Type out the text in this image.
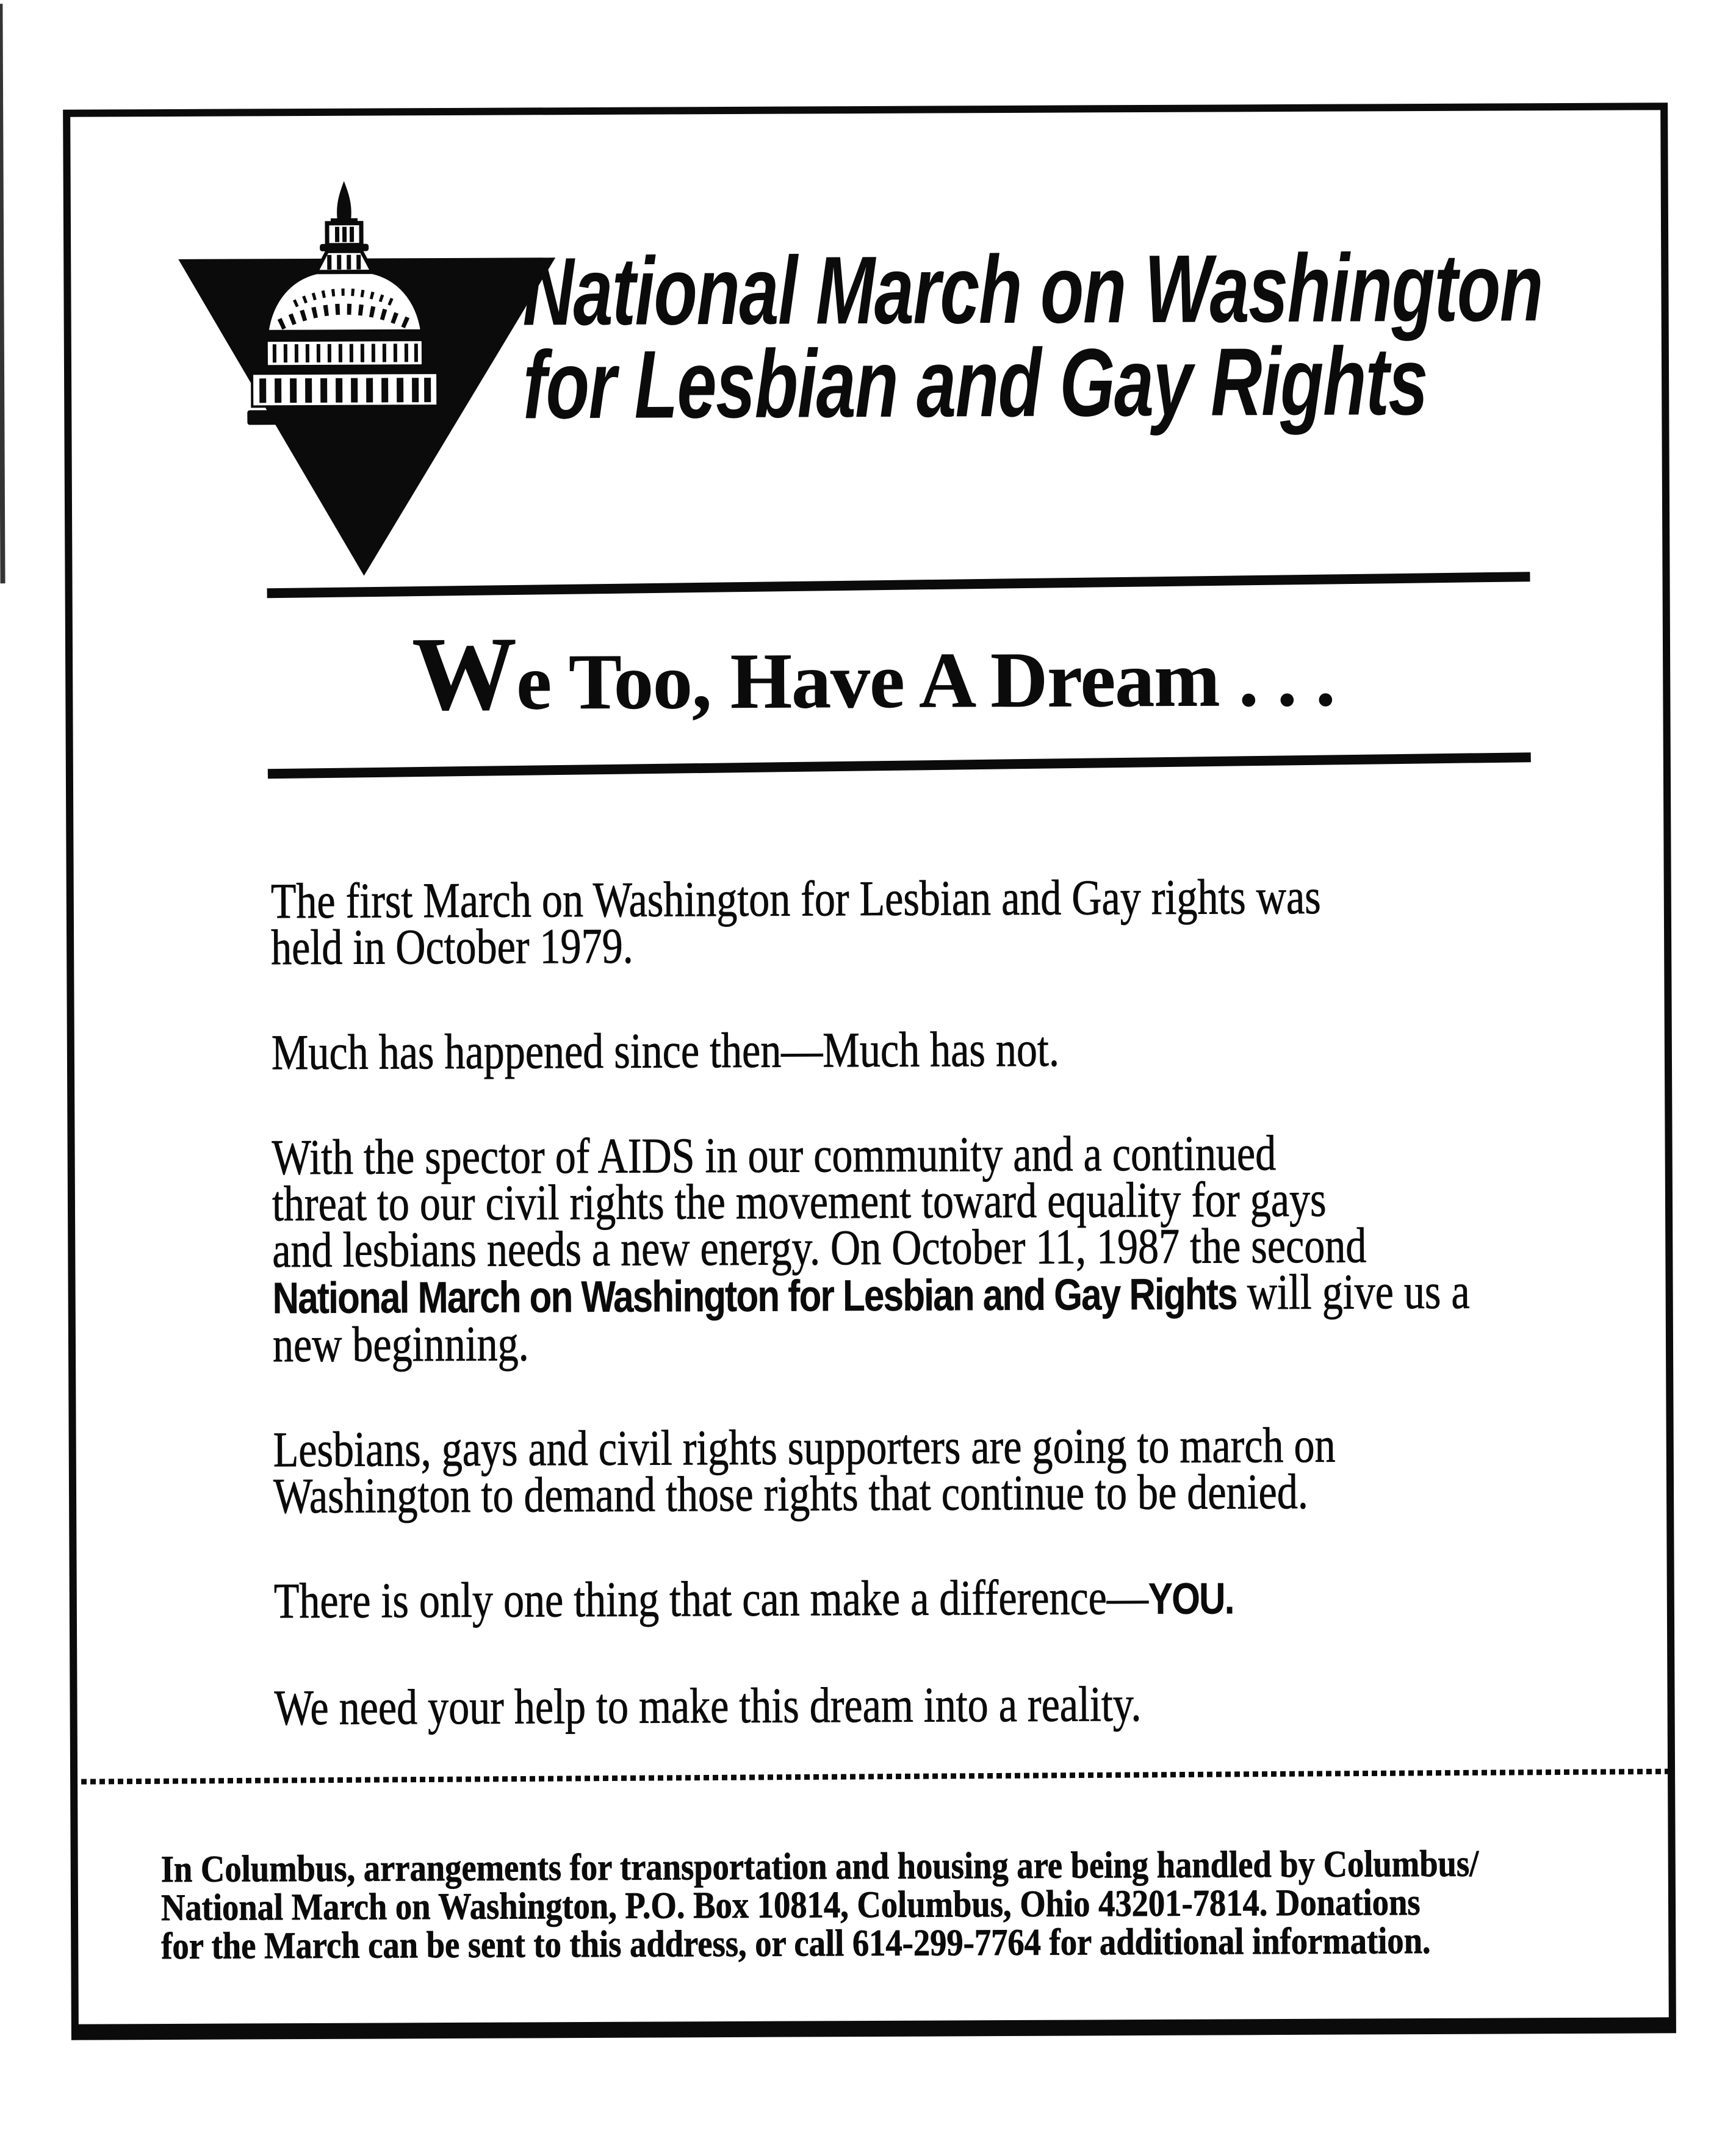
National March on Washington
for Lesbian and Gay Rights
We Too, Have A Dream . . .
The first March on Washington for Lesbian and Gay rights was
held in October 1979.
Much has happened since then—Much has not.
With the spector of AIDS in our community and a continued
threat to our civil rights the movement toward equality for gays
and lesbians needs a new energy. On October 11, 1987 the second
National March on Washington for Lesbian and Gay Rights will give us a
new beginning.
Lesbians, gays and civil rights supporters are going to march on
Washington to demand those rights that continue to be denied.
There is only one thing that can make a difference—YOU.
We need your help to make this dream into a reality.
In Columbus, arrangements for transportation and housing are being handled by Columbus/
National March on Washington, P.O. Box 10814, Columbus, Ohio 43201-7814. Donations
for the March can be sent to this address, or call 614-299-7764 for additional information.
